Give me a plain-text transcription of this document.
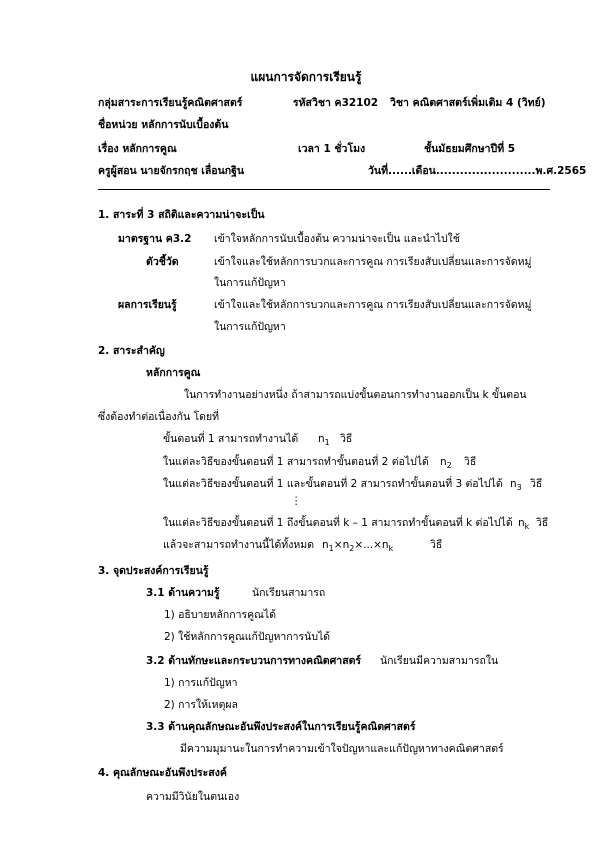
แผนการจัดการเรียนรู้
กลุ่มสาระการเรียนรู้คณิตศาสตร์	รหัสวิชา ค32102 วิชา คณิตศาสตร์เพิ่มเติม 4 (วิทย์)
ชื่อหน่วย หลักการนับเบื้องต้น
เรื่อง หลักการคูณ	เวลา 1 ชั่วโมง	ชั้นมัธยมศึกษาปีที่ 5
ครูผู้สอน นายจักรกฤช เลื่อนกฐิน	วันที่......เดือน.........................พ.ศ.2565
1. สาระที่ 3 สถิติและความน่าจะเป็น
มาตรฐาน ค3.2 เข้าใจหลักการนับเบื้องต้น ความน่าจะเป็น และนำไปใช้
ตัวชี้วัด	เข้าใจและใช้หลักการบวกและการคูณ การเรียงสับเปลี่ยนและการจัดหมู่
ในการแก้ปัญหา
ผลการเรียนรู้	เข้าใจและใช้หลักการบวกและการคูณ การเรียงสับเปลี่ยนและการจัดหมู่
ในการแก้ปัญหา
2. สาระสำคัญ
หลักการคูณ
ในการทำงานอย่างหนึ่ง ถ้าสามารถแบ่งขั้นตอนการทำงานออกเป็น k ขั้นตอน
ซึ่งต้องทำต่อเนื่องกัน โดยที่
ขั้นตอนที่ 1 สามารถทำงานได้ $n_1$ วิธี
ในแต่ละวิธีของขั้นตอนที่ 1 สามารถทำขั้นตอนที่ 2 ต่อไปได้ $n_2$ วิธี
ในแต่ละวิธีของขั้นตอนที่ 1 และขั้นตอนที่ 2 สามารถทำขั้นตอนที่ 3 ต่อไปได้ $n_3$ วิธี
⋮
ในแต่ละวิธีของขั้นตอนที่ 1 ถึงขั้นตอนที่ k – 1 สามารถทำขั้นตอนที่ k ต่อไปได้ $n_k$ วิธี
แล้วจะสามารถทำงานนี้ได้ทั้งหมด $n_1\times n_2\times...\times n_k$	วิธี
3. จุดประสงค์การเรียนรู้
3.1 ด้านความรู้	นักเรียนสามารถ
1) อธิบายหลักการคูณได้
2) ใช้หลักการคูณแก้ปัญหาการนับได้
3.2 ด้านทักษะและกระบวนการทางคณิตศาสตร์ นักเรียนมีความสามารถใน
1) การแก้ปัญหา
2) การให้เหตุผล
3.3 ด้านคุณลักษณะอันพึงประสงค์ในการเรียนรู้คณิตศาสตร์
มีความมุมานะในการทำความเข้าใจปัญหาและแก้ปัญหาทางคณิตศาสตร์
4. คุณลักษณะอันพึงประสงค์
ความมีวินัยในตนเอง
